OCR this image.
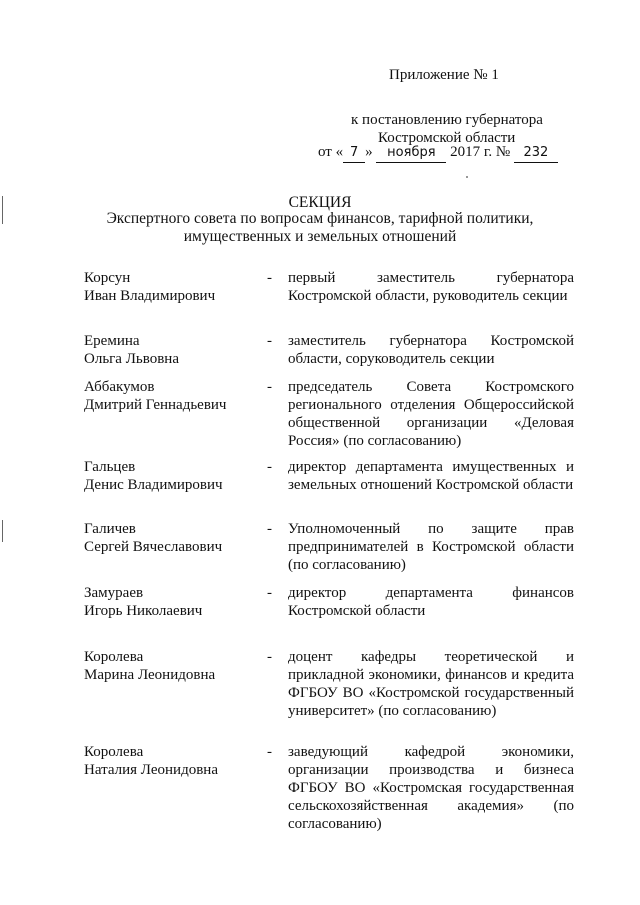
Приложение № 1
к постановлению губернатора
Костромской области
от « 7 » ноября 2017 г. № 232
СЕКЦИЯ
Экспертного совета по вопросам финансов, тарифной политики,
имущественных и земельных отношений
Корсун
Иван Владимирович
- первый заместитель губернатора Костромской области, руководитель секции
Еремина
Ольга Львовна
- заместитель губернатора Костромской области, соруководитель секции
Аббакумов
Дмитрий Геннадьевич
- председатель Совета Костромского регионального отделения Общероссийской общественной организации «Деловая Россия» (по согласованию)
Гальцев
Денис Владимирович
- директор департамента имущественных и земельных отношений Костромской области
Галичев
Сергей Вячеславович
- Уполномоченный по защите прав предпринимателей в Костромской области (по согласованию)
Замураев
Игорь Николаевич
- директор департамента финансов Костромской области
Королева
Марина Леонидовна
- доцент кафедры теоретической и прикладной экономики, финансов и кредита ФГБОУ ВО «Костромской государственный университет» (по согласованию)
Королева
Наталия Леонидовна
- заведующий кафедрой экономики, организации производства и бизнеса ФГБОУ ВО «Костромская государственная сельскохозяйственная академия» (по согласованию)
